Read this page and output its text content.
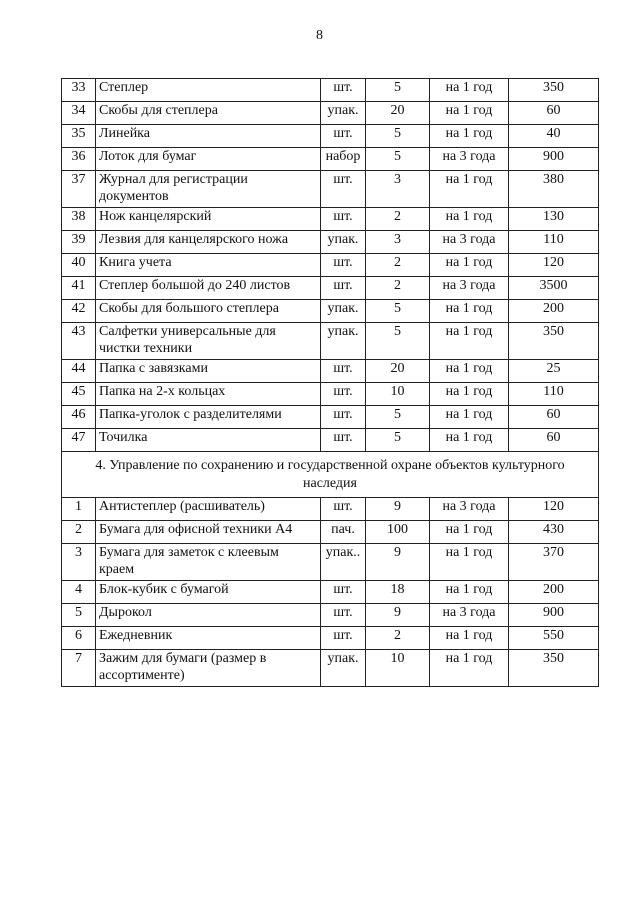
8
33	Степлер	шт.	5	на 1 год	350
34	Скобы для степлера	упак.	20	на 1 год	60
35	Линейка	шт.	5	на 1 год	40
36	Лоток для бумаг	набор	5	на 3 года	900
37	Журнал для регистрации документов	шт.	3	на 1 год	380
38	Нож канцелярский	шт.	2	на 1 год	130
39	Лезвия для канцелярского ножа	упак.	3	на 3 года	110
40	Книга учета	шт.	2	на 1 год	120
41	Степлер большой до 240 листов	шт.	2	на 3 года	3500
42	Скобы для большого степлера	упак.	5	на 1 год	200
43	Салфетки универсальные для чистки техники	упак.	5	на 1 год	350
44	Папка с завязками	шт.	20	на 1 год	25
45	Папка на 2-х кольцах	шт.	10	на 1 год	110
46	Папка-уголок с разделителями	шт.	5	на 1 год	60
47	Точилка	шт.	5	на 1 год	60
4. Управление по сохранению и государственной охране объектов культурного наследия					
1	Антистеплер (расшиватель)	шт.	9	на 3 года	120
2	Бумага для офисной техники А4	пач.	100	на 1 год	430
3	Бумага для заметок с клеевым краем	упак..	9	на 1 год	370
4	Блок-кубик с бумагой	шт.	18	на 1 год	200
5	Дырокол	шт.	9	на 3 года	900
6	Ежедневник	шт.	2	на 1 год	550
7	Зажим для бумаги (размер в ассортименте)	упак.	10	на 1 год	350
